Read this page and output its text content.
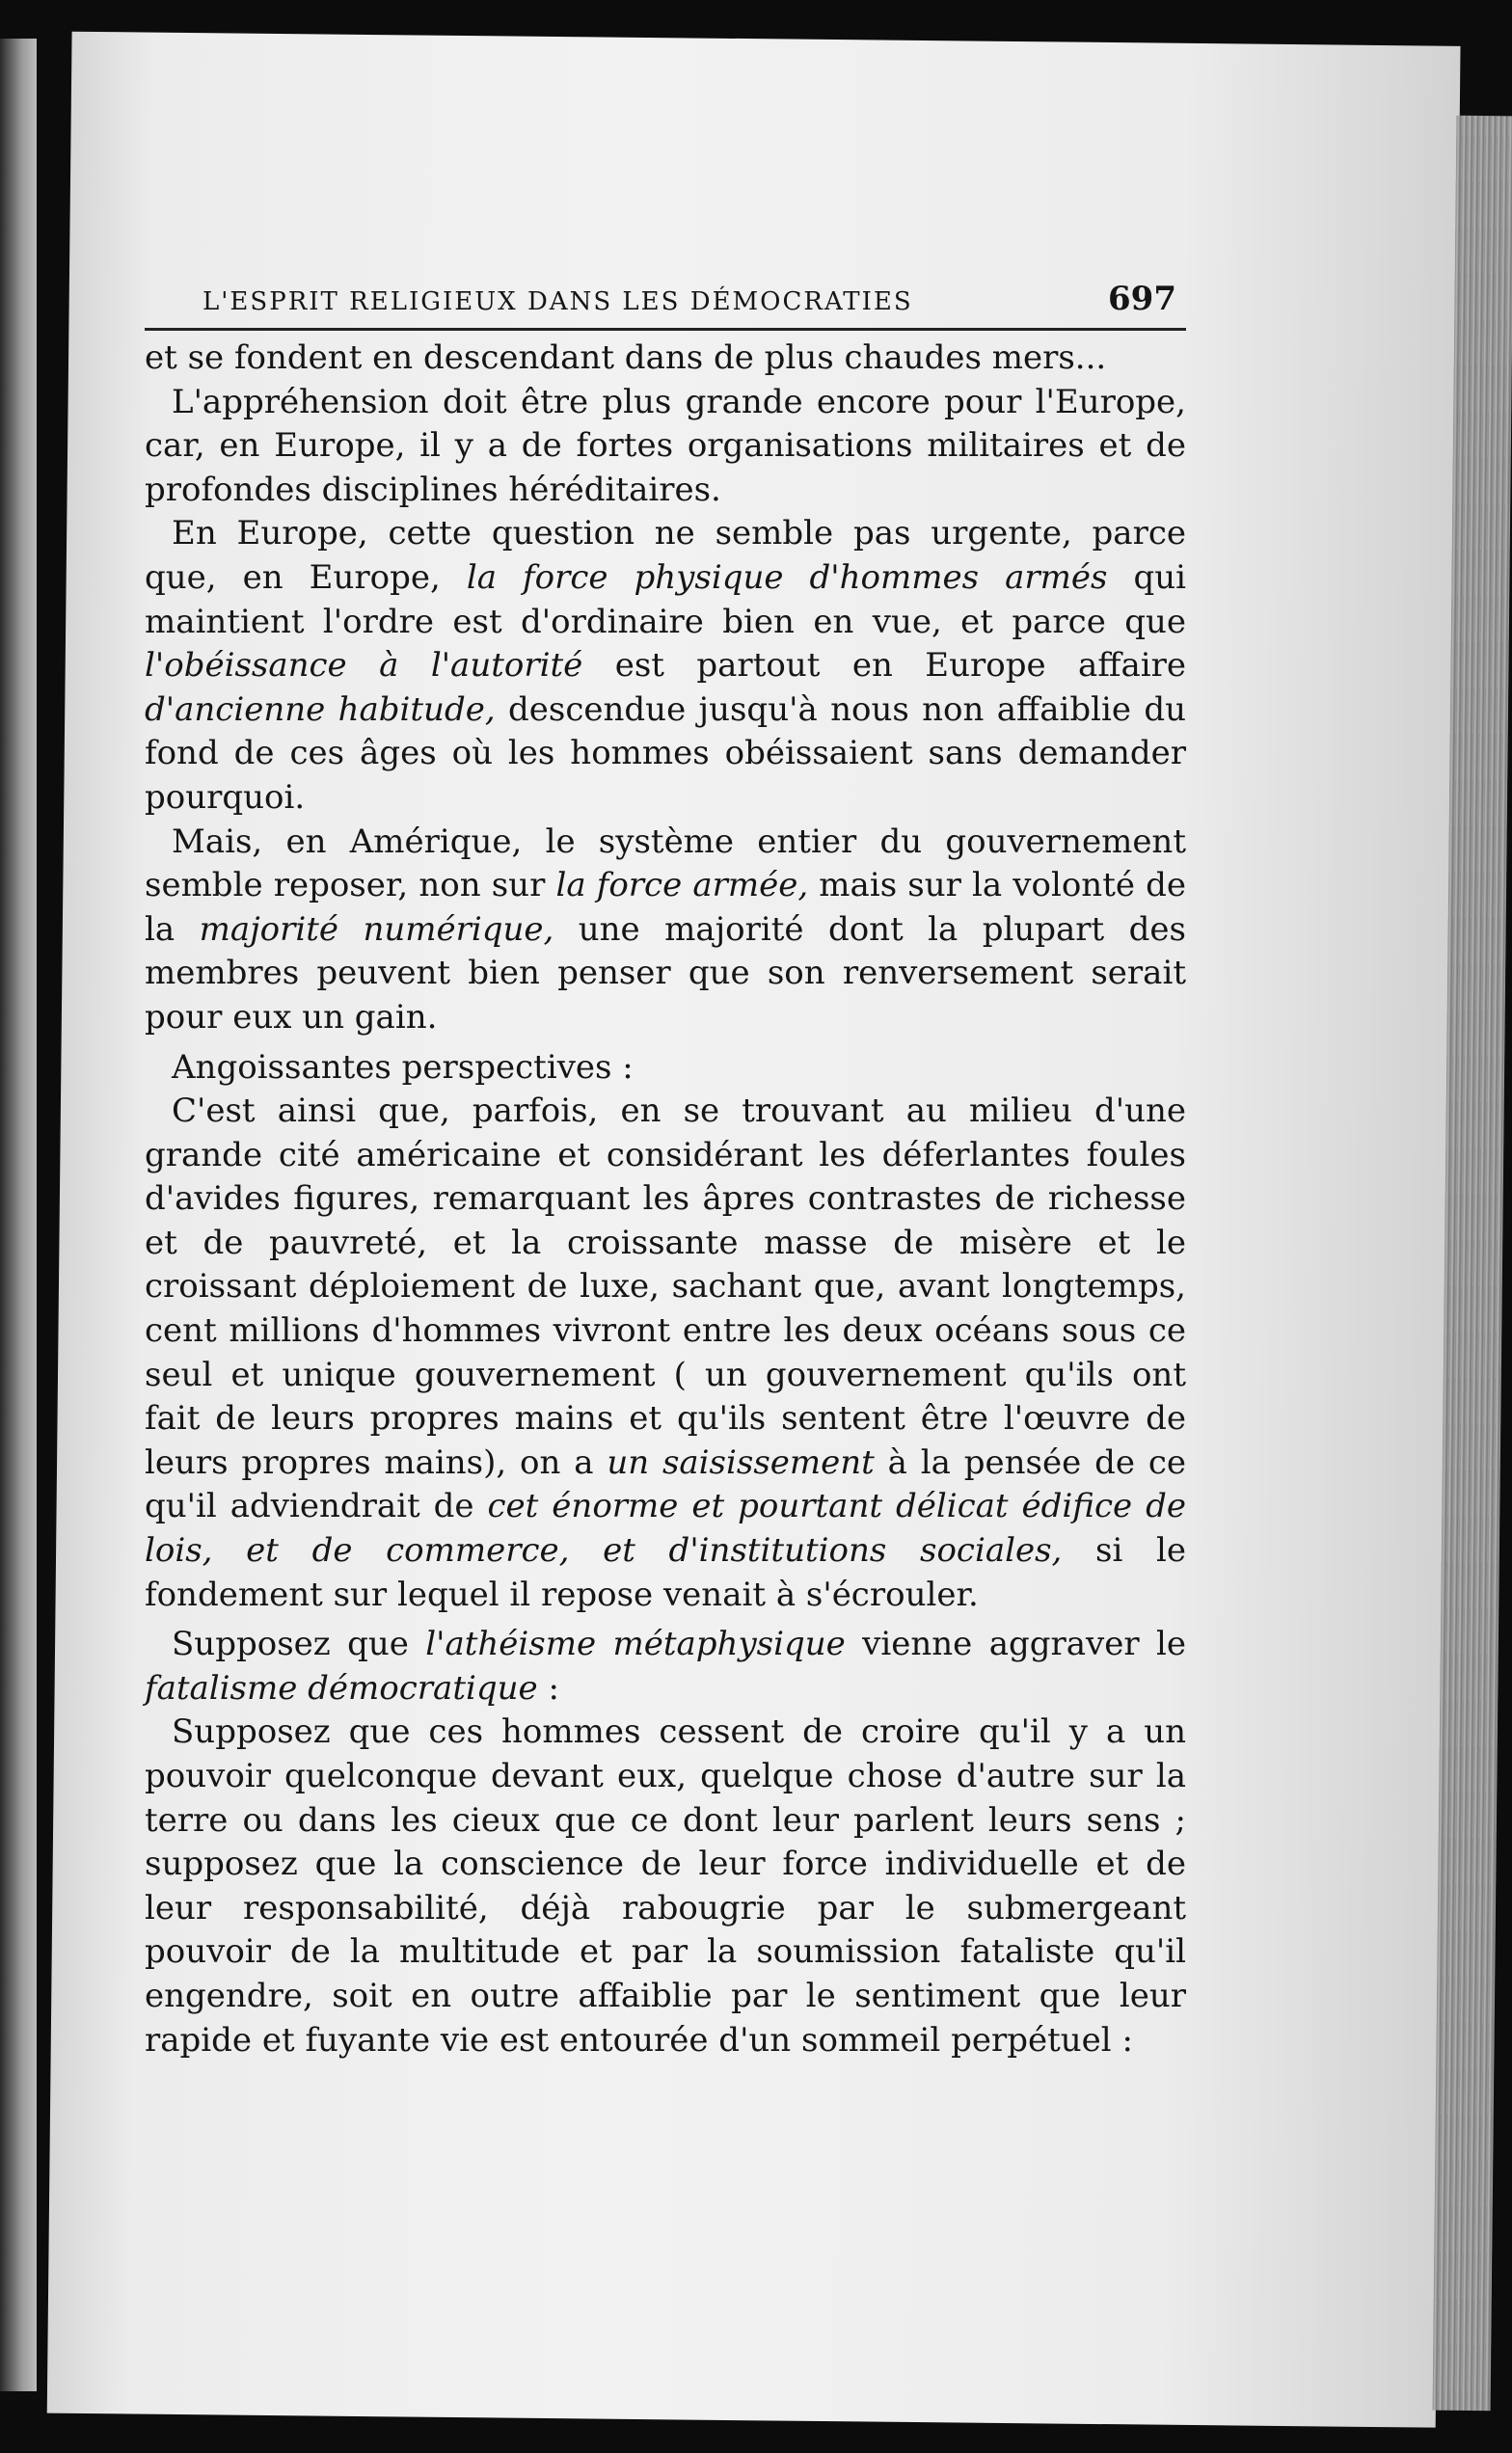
L'ESPRIT RELIGIEUX DANS LES DÉMOCRATIES	697

et se fondent en descendant dans de plus chaudes mers...

L'appréhension doit être plus grande encore pour l'Europe, car, en Europe, il y a de fortes organisations militaires et de profondes disciplines héréditaires.

En Europe, cette question ne semble pas urgente, parce que, en Europe, la force physique d'hommes armés qui maintient l'ordre est d'ordinaire bien en vue, et parce que l'obéissance à l'autorité est partout en Europe affaire d'ancienne habitude, descendue jusqu'à nous non affaiblie du fond de ces âges où les hommes obéissaient sans demander pourquoi.

Mais, en Amérique, le système entier du gouvernement semble reposer, non sur la force armée, mais sur la volonté de la majorité numérique, une majorité dont la plupart des membres peuvent bien penser que son renversement serait pour eux un gain.

Angoissantes perspectives :

C'est ainsi que, parfois, en se trouvant au milieu d'une grande cité américaine et considérant les déferlantes foules d'avides figures, remarquant les âpres contrastes de richesse et de pauvreté, et la croissante masse de misère et le croissant déploiement de luxe, sachant que, avant longtemps, cent millions d'hommes vivront entre les deux océans sous ce seul et unique gouvernement ( un gouvernement qu'ils ont fait de leurs propres mains et qu'ils sentent être l'œuvre de leurs propres mains), on a un saisissement à la pensée de ce qu'il adviendrait de cet énorme et pourtant délicat édifice de lois, et de commerce, et d'institutions sociales, si le fondement sur lequel il repose venait à s'écrouler.

Supposez que l'athéisme métaphysique vienne aggraver le fatalisme démocratique :

Supposez que ces hommes cessent de croire qu'il y a un pouvoir quelconque devant eux, quelque chose d'autre sur la terre ou dans les cieux que ce dont leur parlent leurs sens ; supposez que la conscience de leur force individuelle et de leur responsabilité, déjà rabougrie par le submergeant pouvoir de la multitude et par la soumission fataliste qu'il engendre, soit en outre affaiblie par le sentiment que leur rapide et fuyante vie est entourée d'un sommeil perpétuel :
